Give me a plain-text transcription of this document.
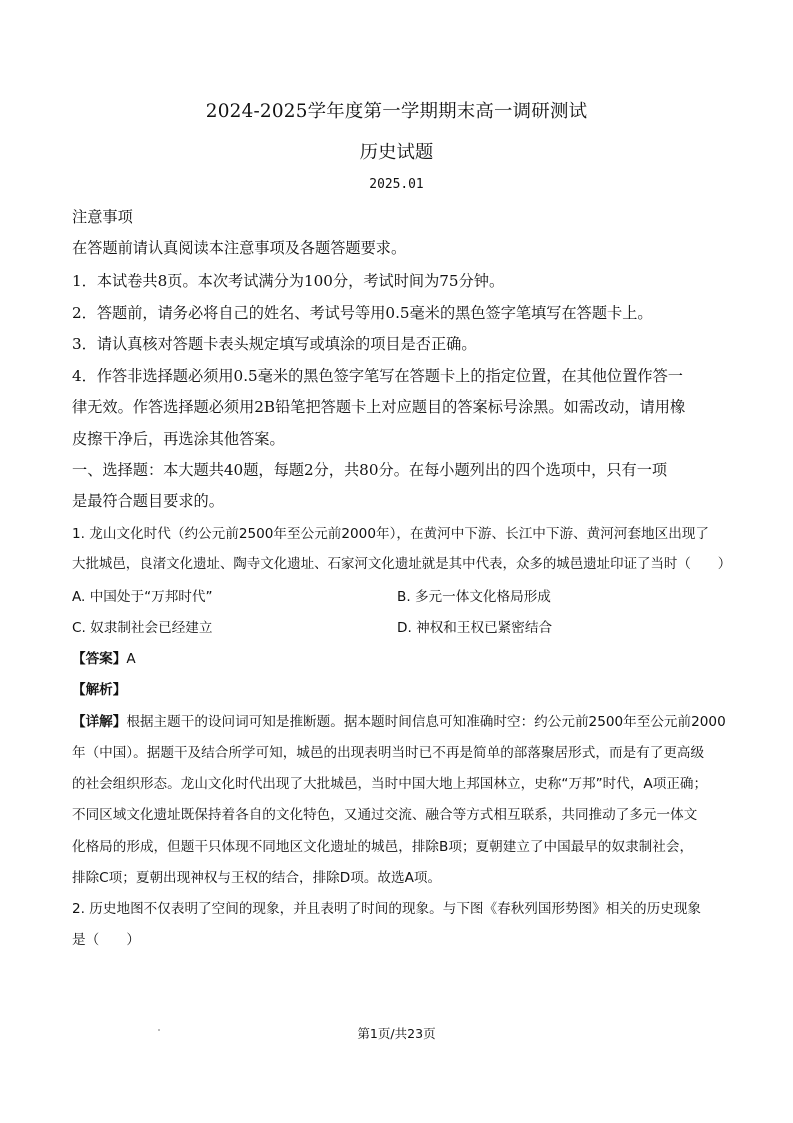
2024-2025学年度第一学期期末高一调研测试
历史试题
2025.01
注意事项
在答题前请认真阅读本注意事项及各题答题要求。
1．本试卷共8页。本次考试满分为100分，考试时间为75分钟。
2．答题前，请务必将自己的姓名、考试号等用0.5毫米的黑色签字笔填写在答题卡上。
3．请认真核对答题卡表头规定填写或填涂的项目是否正确。
4．作答非选择题必须用0.5毫米的黑色签字笔写在答题卡上的指定位置，在其他位置作答一
律无效。作答选择题必须用2B铅笔把答题卡上对应题目的答案标号涂黑。如需改动，请用橡
皮擦干净后，再选涂其他答案。
一、选择题：本大题共40题，每题2分，共80分。在每小题列出的四个选项中，只有一项
是最符合题目要求的。
1. 龙山文化时代（约公元前2500年至公元前2000年），在黄河中下游、长江中下游、黄河河套地区出现了
大批城邑，良渚文化遗址、陶寺文化遗址、石家河文化遗址就是其中代表，众多的城邑遗址印证了当时（　　）
A. 中国处于“万邦时代”	B. 多元一体文化格局形成
C. 奴隶制社会已经建立	D. 神权和王权已紧密结合
【答案】A
【解析】
【详解】根据主题干的设问词可知是推断题。据本题时间信息可知准确时空：约公元前2500年至公元前2000
年（中国）。据题干及结合所学可知，城邑的出现表明当时已不再是简单的部落聚居形式，而是有了更高级
的社会组织形态。龙山文化时代出现了大批城邑，当时中国大地上邦国林立，史称“万邦”时代，A项正确；
不同区域文化遗址既保持着各自的文化特色，又通过交流、融合等方式相互联系，共同推动了多元一体文
化格局的形成，但题干只体现不同地区文化遗址的城邑，排除B项；夏朝建立了中国最早的奴隶制社会，
排除C项；夏朝出现神权与王权的结合，排除D项。故选A项。
2. 历史地图不仅表明了空间的现象，并且表明了时间的现象。与下图《春秋列国形势图》相关的历史现象
是（　　）
第1页/共23页
